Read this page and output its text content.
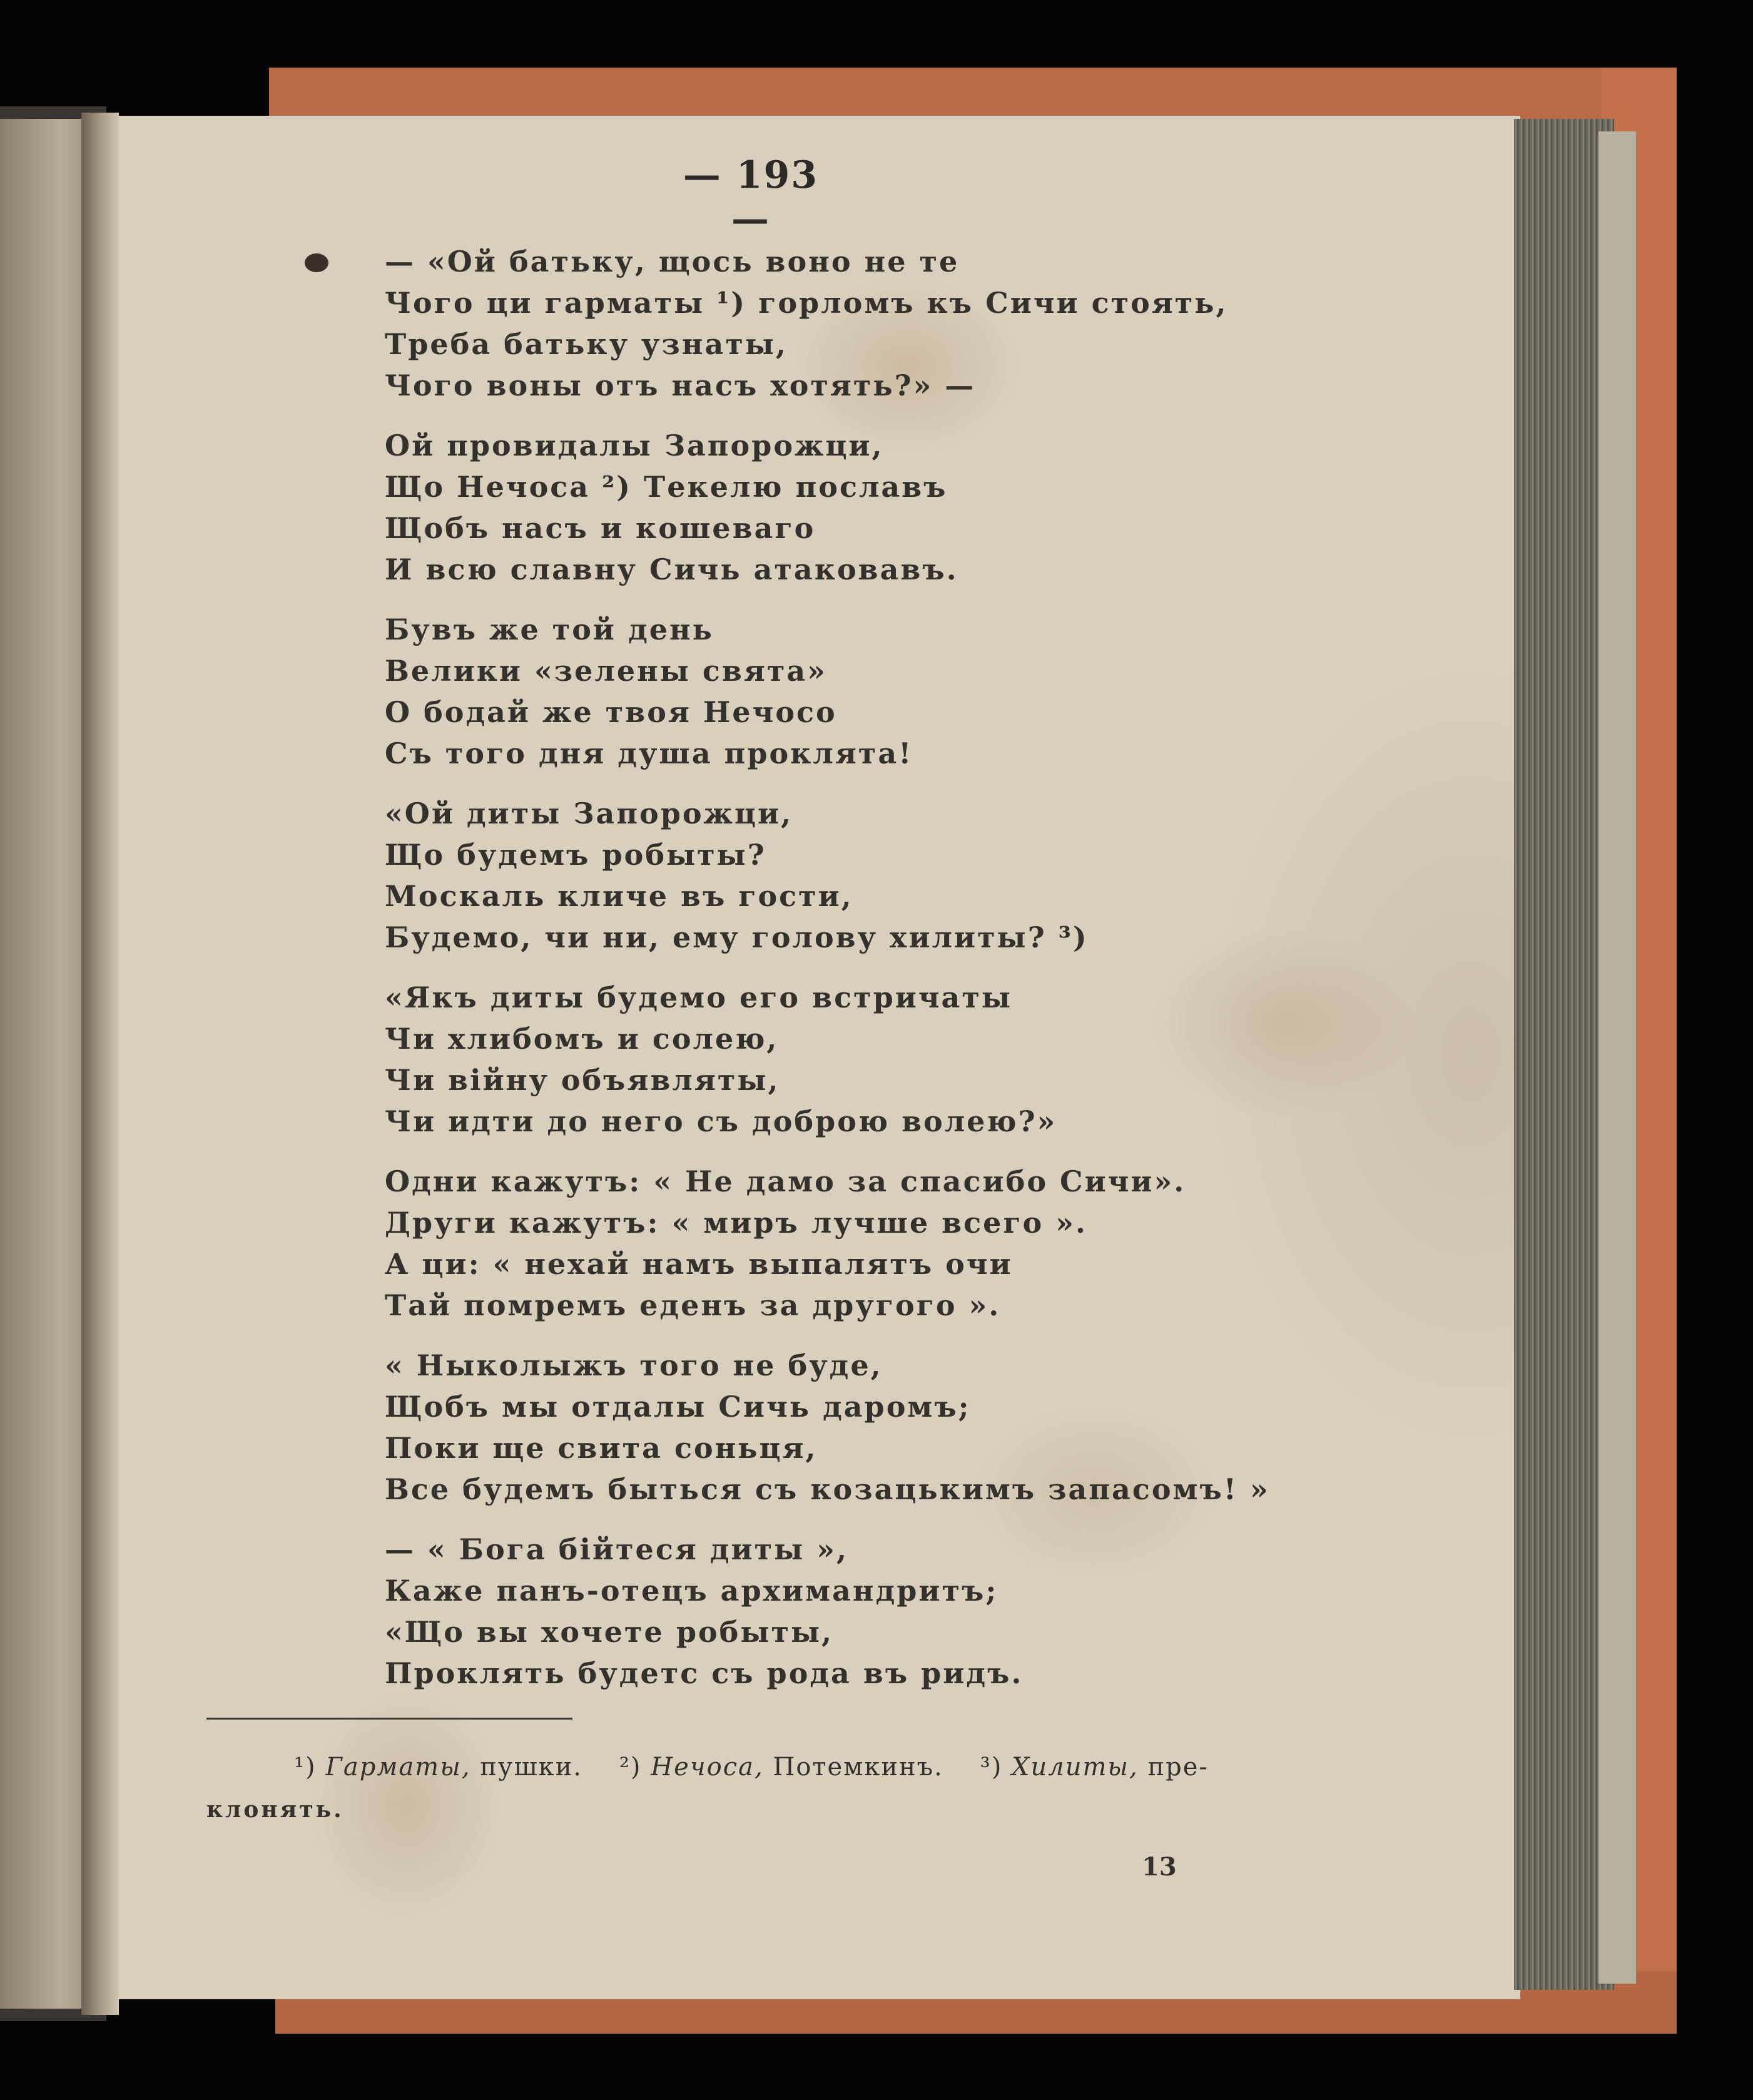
— 193 —
— «Ой батьку, щось воно не те
Чого ци гарматы ¹) горломъ къ Сичи стоять,
Треба батьку узнаты,
Чого воны отъ насъ хотять?» —
Ой провидалы Запорожци,
Що Нечоса ²) Текелю пославъ
Щобъ насъ и кошеваго
И всю славну Сичь атаковавъ.
Бувъ же той день
Велики «зелены свята»
О бодай же твоя Нечосо
Съ того дня душа проклята!
«Ой диты Запорожци,
Що будемъ робыты?
Москаль кличе въ гости,
Будемо, чи ни, ему голову хилиты? ³)
«Якъ диты будемо его встричаты
Чи хлибомъ и солею,
Чи війну объявляты,
Чи идти до него съ доброю волею?»
Одни кажутъ: « Не дамо за спасибо Сичи».
Други кажутъ: « миръ лучше всего ».
А ци: « нехай намъ выпалятъ очи
Тай помремъ еденъ за другого ».
« Ныколыжъ того не буде,
Щобъ мы отдалы Сичь даромъ;
Поки ще свита соньця,
Все будемъ быться съ козацькимъ запасомъ! »
— « Бога бійтеся диты »,
Каже панъ-отецъ архимандритъ;
«Що вы хочете робыты,
Проклять будетс съ рода въ ридъ.
¹) Гарматы, пушки. ²) Нечоса, Потемкинъ. ³) Хилиты, пре-
клонять.
13
